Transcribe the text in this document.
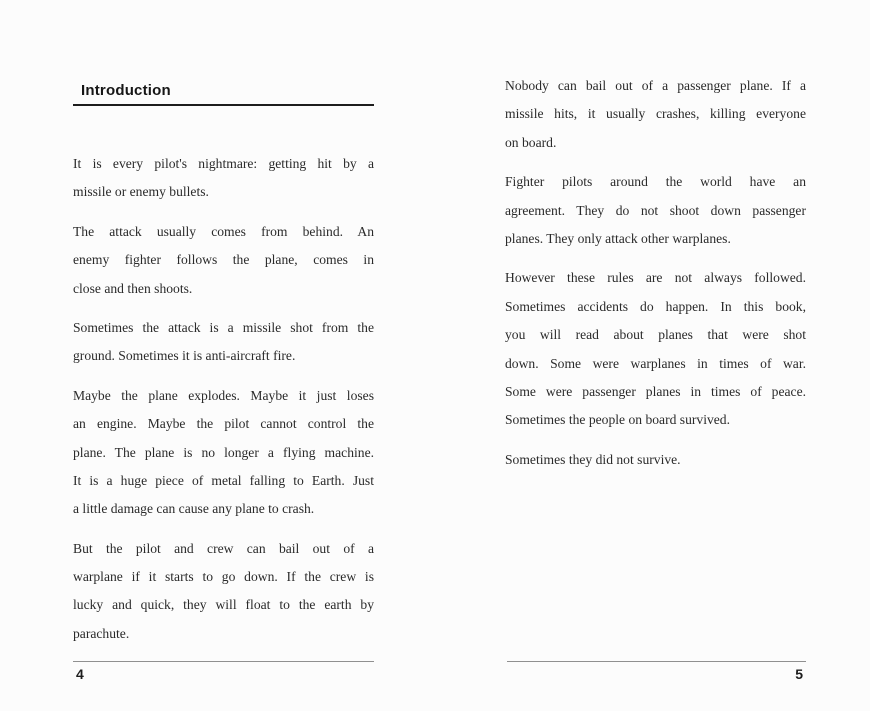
Introduction
It is every pilot's nightmare: getting hit by a
missile or enemy bullets.
The attack usually comes from behind. An
enemy fighter follows the plane, comes in
close and then shoots.
Sometimes the attack is a missile shot from the
ground. Sometimes it is anti-aircraft fire.
Maybe the plane explodes. Maybe it just loses
an engine. Maybe the pilot cannot control the
plane. The plane is no longer a flying machine.
It is a huge piece of metal falling to Earth. Just
a little damage can cause any plane to crash.
But the pilot and crew can bail out of a
warplane if it starts to go down. If the crew is
lucky and quick, they will float to the earth by
parachute.
4
Nobody can bail out of a passenger plane. If a
missile hits, it usually crashes, killing everyone
on board.
Fighter pilots around the world have an
agreement. They do not shoot down passenger
planes. They only attack other warplanes.
However these rules are not always followed.
Sometimes accidents do happen. In this book,
you will read about planes that were shot
down. Some were warplanes in times of war.
Some were passenger planes in times of peace.
Sometimes the people on board survived.
Sometimes they did not survive.
5
